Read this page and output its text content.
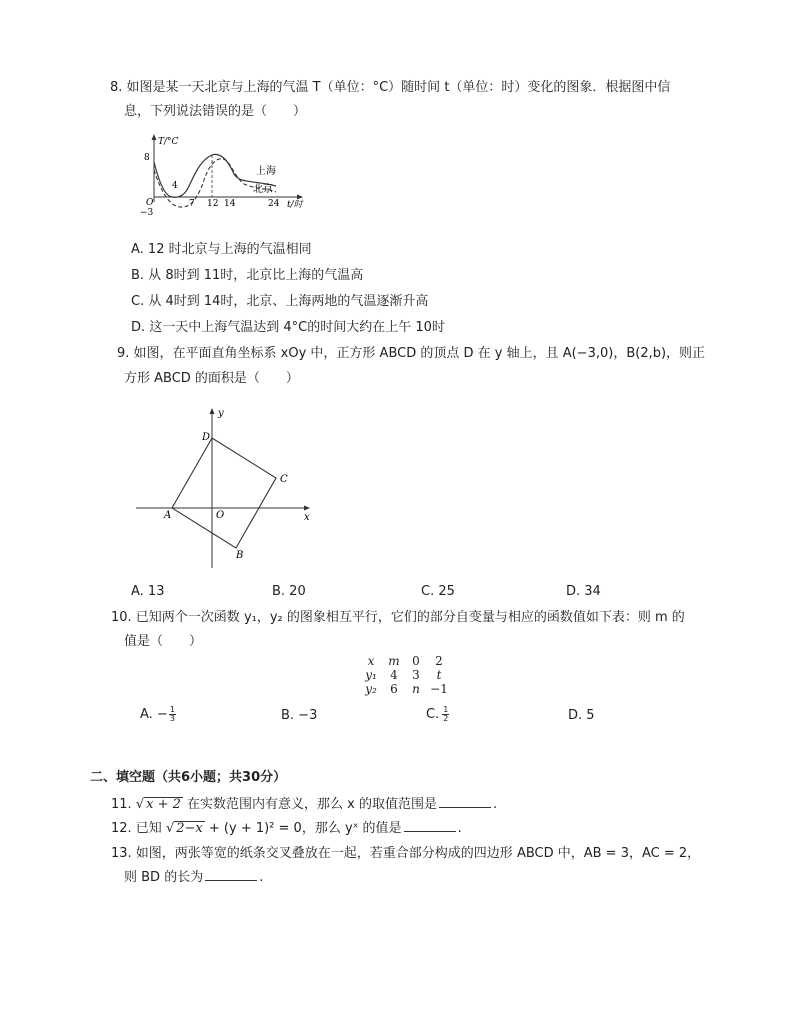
8. 如图是某一天北京与上海的气温 T（单位：°C）随时间 t（单位：时）变化的图象．根据图中信
息，下列说法错误的是（　　）
T/°C
8
4
O
−3
7 12 14	24 t/时
上海
北京
A. 12 时北京与上海的气温相同
B. 从 8时到 11时，北京比上海的气温高
C. 从 4时到 14时，北京、上海两地的气温逐渐升高
D. 这一天中上海气温达到 4°C的时间大约在上午 10时
9. 如图，在平面直角坐标系 xOy 中，正方形 ABCD 的顶点 D 在 y 轴上，且 A(−3,0)，B(2,b)，则正
方形 ABCD 的面积是（　　）
y
x
O
A
B
C
D
A. 13	B. 20	C. 25	D. 34
10. 已知两个一次函数 y₁，y₂ 的图象相互平行，它们的部分自变量与相应的函数值如下表：则 m 的
值是（　　）
x	m	0	2
y₁	4	3	t
y₂	6	n −1
A. − $\frac{1}{3}$	B. −3	C. $\frac{1}{2}$	D. 5
二、填空题（共6小题；共30分）
11. √ x + 2 在实数范围内有意义，那么 x 的取值范围是	.
12. 已知 √ 2−x + (y + 1)² = 0，那么 yˣ 的值是	.
13. 如图，两张等宽的纸条交叉叠放在一起，若重合部分构成的四边形 ABCD 中，AB = 3，AC = 2，
则 BD 的长为	.
